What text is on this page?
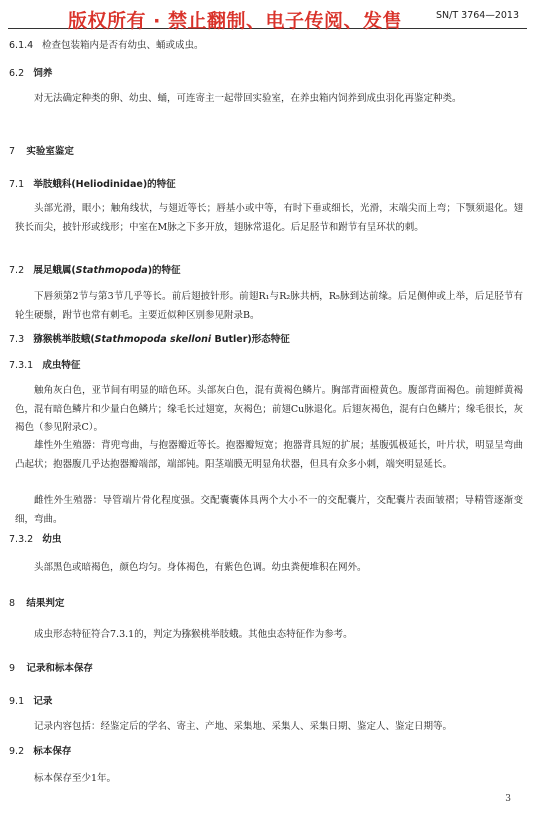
版权所有 · 禁止翻制、电子传阅、发售	SN/T 3764—2013
6.1.4 检查包装箱内是否有幼虫、蛹或成虫。
6.2 饲养

对无法确定种类的卵、幼虫、蛹，可连寄主一起带回实验室，在养虫箱内饲养到成虫羽化再鉴定种类。

7 实验室鉴定
7.1 举肢蛾科(Heliodinidae)的特征

头部光滑，眼小；触角线状，与翅近等长；唇基小或中等，有时下垂或细长，光滑，末端尖而上弯；下颚须退化。翅狭长而尖，披针形或线形；中室在M脉之下多开放，翅脉常退化。后足胫节和跗节有呈环状的刺。

7.2 展足蛾属(Stathmopoda)的特征

下唇须第2节与第3节几乎等长。前后翅披针形。前翅R₁与R₂脉共柄，R₅脉到达前缘。后足侧伸或上举，后足胫节有轮生硬鬃，跗节也常有刺毛。主要近似种区别参见附录B。

7.3 猕猴桃举肢蛾(Stathmopoda skelloni Butler)形态特征
7.3.1 成虫特征

触角灰白色，亚节间有明显的暗色环。头部灰白色，混有黄褐色鳞片。胸部背面橙黄色。腹部背面褐色。前翅鲜黄褐色，混有暗色鳞片和少量白色鳞片；缘毛长过翅宽，灰褐色；前翅Cu脉退化。后翅灰褐色，混有白色鳞片；缘毛很长，灰褐色（参见附录C）。

雄性外生殖器：背兜弯曲，与抱器瓣近等长。抱器瓣短宽；抱器背具短的扩展；基腹弧极延长，叶片状，明显呈弯曲凸起状；抱器腹几乎达抱器瓣端部，端部钝。阳茎端膜无明显角状器，但具有众多小刺，端突明显延长。

雌性外生殖器：导管端片骨化程度强。交配囊囊体具两个大小不一的交配囊片，交配囊片表面皱褶；导精管逐渐变细，弯曲。

7.3.2 幼虫

头部黑色或暗褐色，颜色均匀。身体褐色，有紫色色调。幼虫粪便堆积在网外。

8 结果判定

成虫形态特征符合7.3.1的，判定为猕猴桃举肢蛾。其他虫态特征作为参考。

9 记录和标本保存
9.1 记录

记录内容包括：经鉴定后的学名、寄主、产地、采集地、采集人、采集日期、鉴定人、鉴定日期等。

9.2 标本保存

标本保存至少1年。

3
